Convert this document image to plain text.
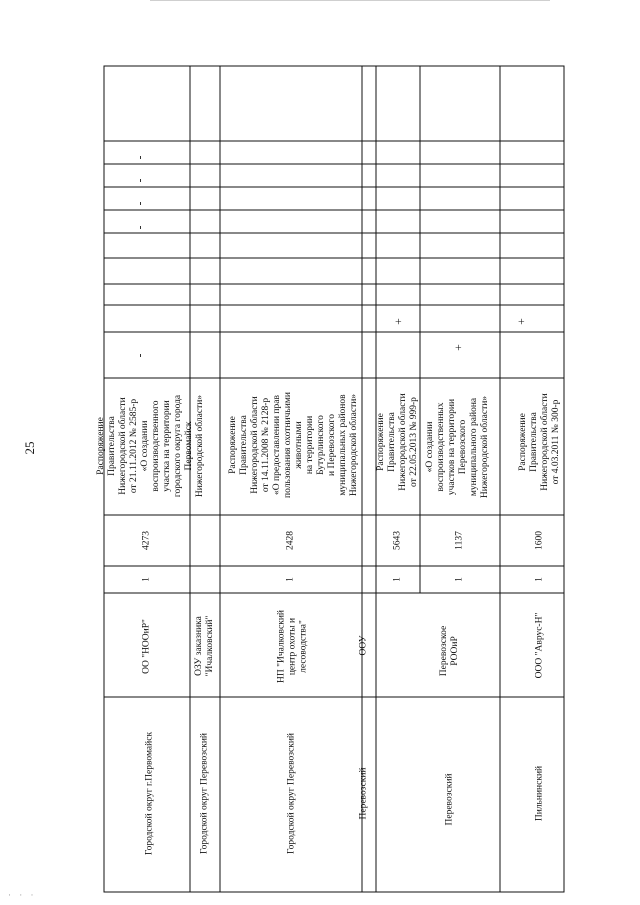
25
Городской округ г.Первомайск
ОО "НООиР"
1
4273
Распоряжение
Правительства
Нижегородской области
от 21.11.2012 № 2585-р
«О создании
воспроизводственного
участка на территории
городского округа города
Первомайск
Нижегородской области»
-
-
-
-
-
Городской округ Перевозский
ОЗУ заказника
"Ичалковский"
Городской округ Перевозский
НП "Ичалковский
центр охоты и
лесоводства"
1
2428
Распоряжение
Правительства
Нижегородской области
от 14.11.2008 № 2128-р
«О предоставлении прав
пользования охотничьими
животными
на территории
Бутурлинского
и Перевозского
муниципальных районов
Нижегородской области»
Перевозский
ООУ
Перевозский
Перевозское
РООиР
1
5643
Распоряжение
Правительства
Нижегородской области
от 22.05.2013 № 999-р
+
1
1137
«О создании
воспроизводственных
участков на территории
Перевозского
муниципального района
Нижегородской области»
+
Пильнинский
ООО "Аврус-Н"
1
1600
Распоряжение
Правительства
Нижегородской области
от 4.03.2011 № 300-р
+
· · ·
